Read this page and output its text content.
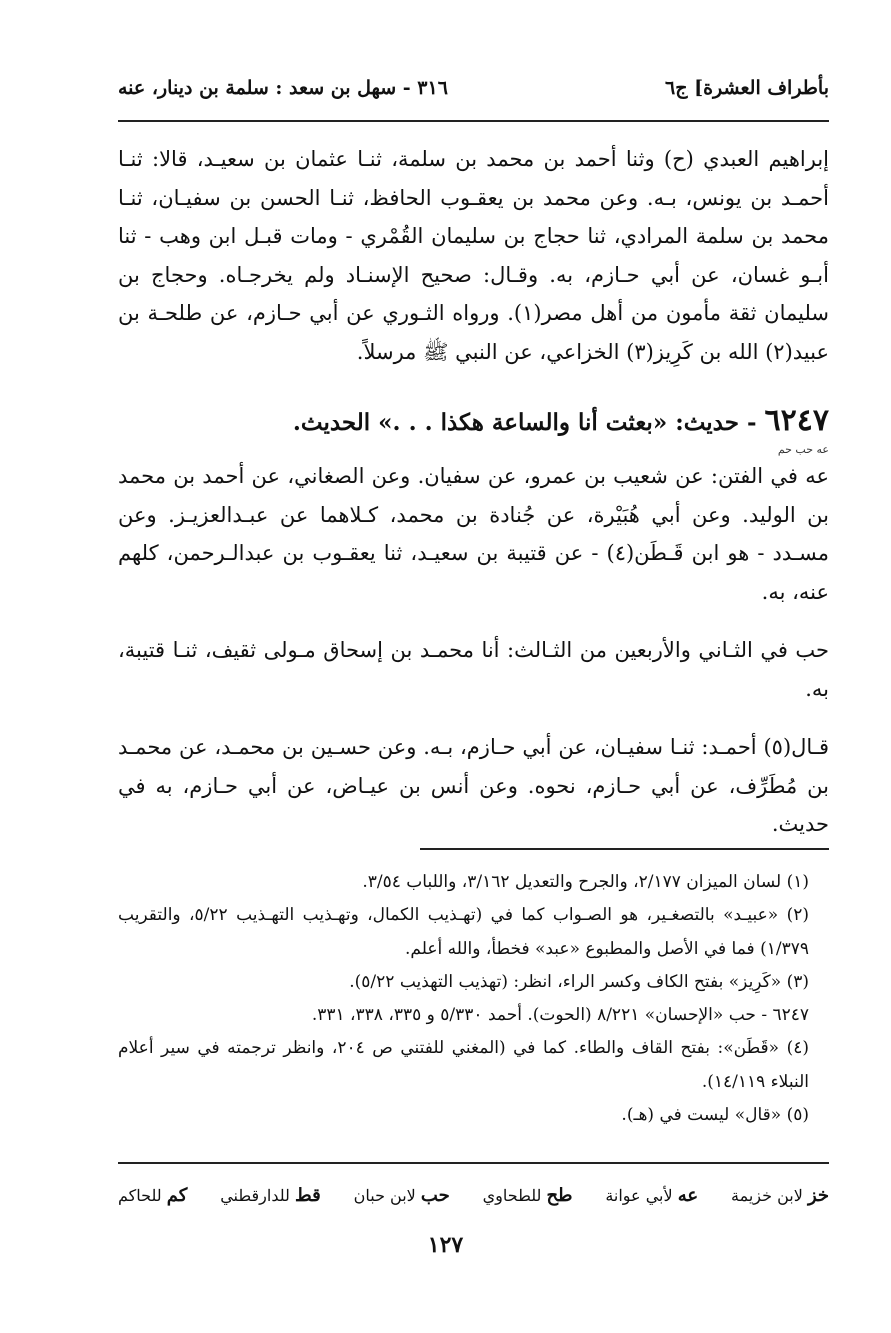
بأطراف العشرة] ج٦
٣١٦ - سهل بن سعد : سلمة بن دينار، عنه

إبراهيم العبدي (ح) وثنا أحمد بن محمد بن سلمة، ثنـا عثمان بن سعيـد، قالا: ثنـا أحمـد بن يونس، بـه. وعن محمد بن يعقـوب الحافظ، ثنـا الحسن بن سفيـان، ثنـا محمد بن سلمة المرادي، ثنا حجاج بن سليمان القُمْري - ومات قبـل ابن وهب - ثنا أبـو غسان، عن أبي حـازم، به. وقـال: صحيح الإسنـاد ولم يخرجـاه. وحجاج بن سليمان ثقة مأمون من أهل مصر(١). ورواه الثـوري عن أبي حـازم، عن طلحـة بن عبيد(٢) الله بن كَرِيز(٣) الخزاعي، عن النبي ﷺ مرسلاً.

٦٢٤٧ - حديث: «بعثت أنا والساعة هكذا . . .» الحديث.

عه حب حم

عه في الفتن: عن شعيب بن عمرو، عن سفيان. وعن الصغاني، عن أحمد بن محمد بن الوليد. وعن أبي هُبَيْرة، عن جُنادة بن محمد، كـلاهما عن عبـدالعزيـز. وعن مسـدد - هو ابن قَـطَن(٤) - عن قتيبة بن سعيـد، ثنا يعقـوب بن عبدالـرحمن، كلهم عنه، به.

حب في الثـاني والأربعين من الثـالث: أنا محمـد بن إسحاق مـولى ثقيف، ثنـا قتيبة، به.

قـال(٥) أحمـد: ثنـا سفيـان، عن أبي حـازم، بـه. وعن حسـين بن محمـد، عن محمـد بن مُطَرِّف، عن أبي حـازم، نحوه. وعن أنس بن عيـاض، عن أبي حـازم، به في حديث.

(١) لسان الميزان ٢/١٧٧، والجرح والتعديل ٣/١٦٢، واللباب ٣/٥٤.

(٢) «عبيـد» بالتصغـير، هو الصـواب كما في (تهـذيب الكمال، وتهـذيب التهـذيب ٥/٢٢، والتقريب ١/٣٧٩) فما في الأصل والمطبوع «عبد» فخطأ، والله أعلم.

(٣) «كَرِيز» بفتح الكاف وكسر الراء، انظر: (تهذيب التهذيب ٥/٢٢).

٦٢٤٧ - حب «الإحسان» ٨/٢٢١ (الحوت). أحمد ٥/٣٣٠ و ٣٣٥، ٣٣٨، ٣٣١.

(٤) «قَطَن»: بفتح القاف والطاء. كما في (المغني للفتني ص ٢٠٤، وانظر ترجمته في سير أعلام النبلاء ١٤/١١٩).

(٥) «قال» ليست في (هـ).

خز لابن خزيمة
عه لأبي عوانة
طح للطحاوي
حب لابن حبان
قط للدارقطني
كم للحاكم
١٢٧
